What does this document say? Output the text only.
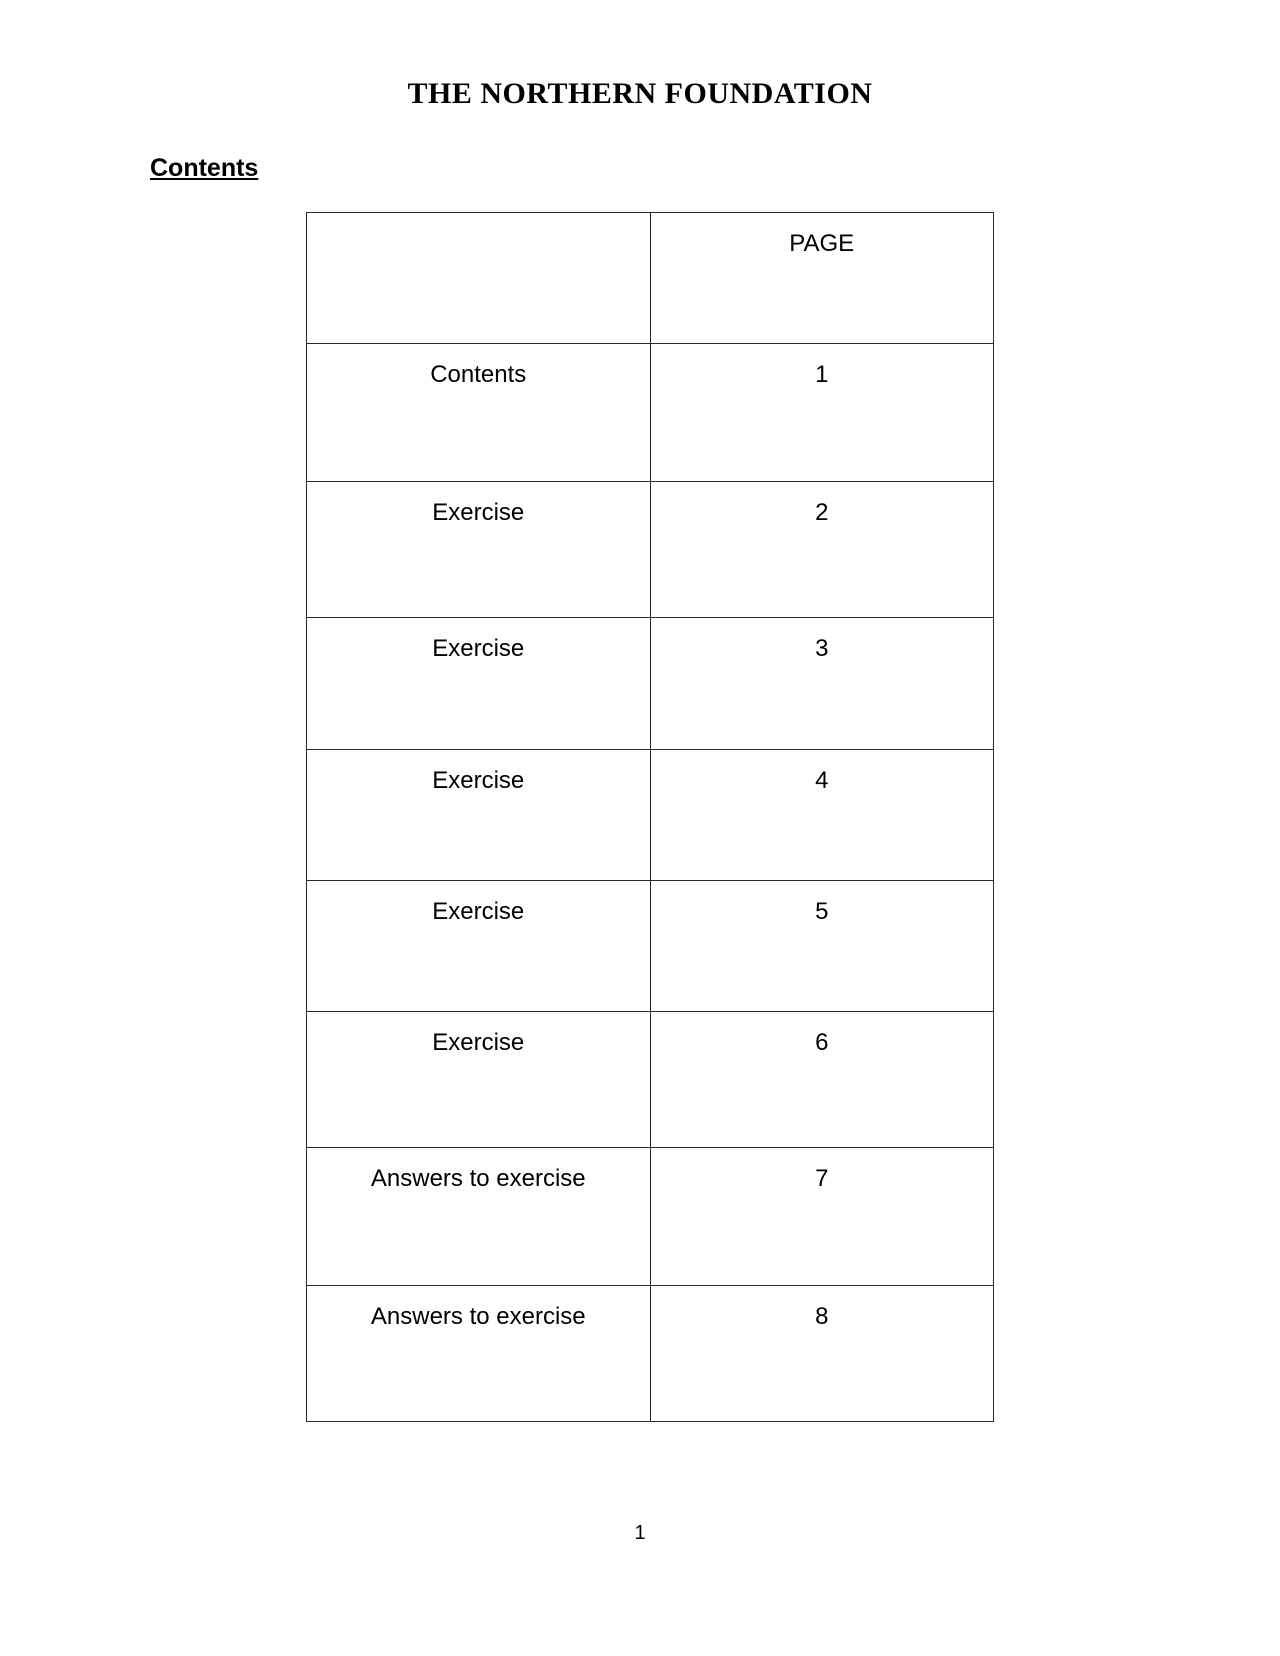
THE NORTHERN FOUNDATION
Contents
	PAGE
Contents	1
Exercise	2
Exercise	3
Exercise	4
Exercise	5
Exercise	6
Answers to exercise	7
Answers to exercise	8

1
